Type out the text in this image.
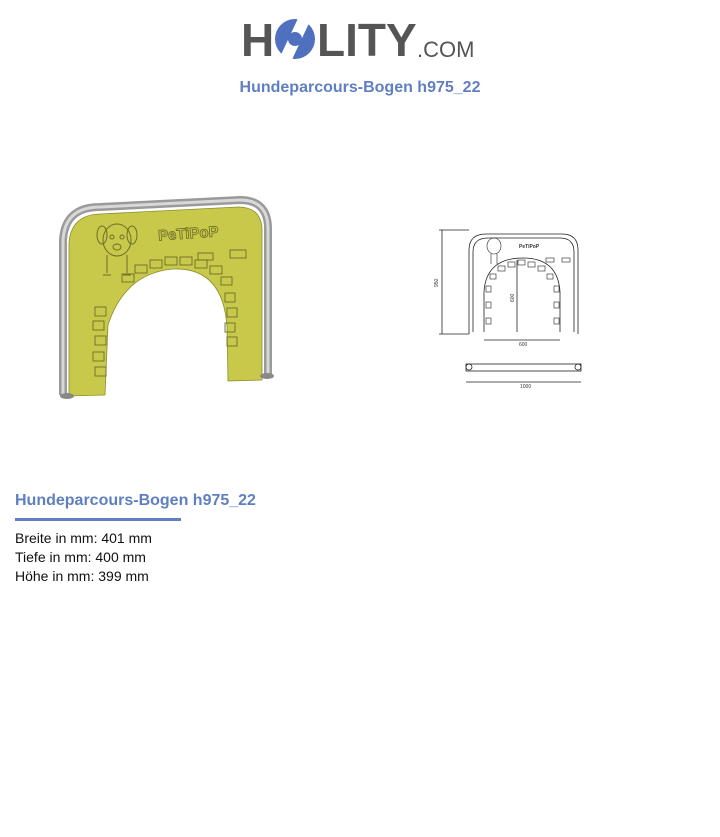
H LITY .COM
Hundeparcours-Bogen h975_22
PeTiPoP
PeTiPoP
950
600
600
1000
Hundeparcours-Bogen h975_22
Breite in mm: 401 mm
Tiefe in mm: 400 mm
Höhe in mm: 399 mm
